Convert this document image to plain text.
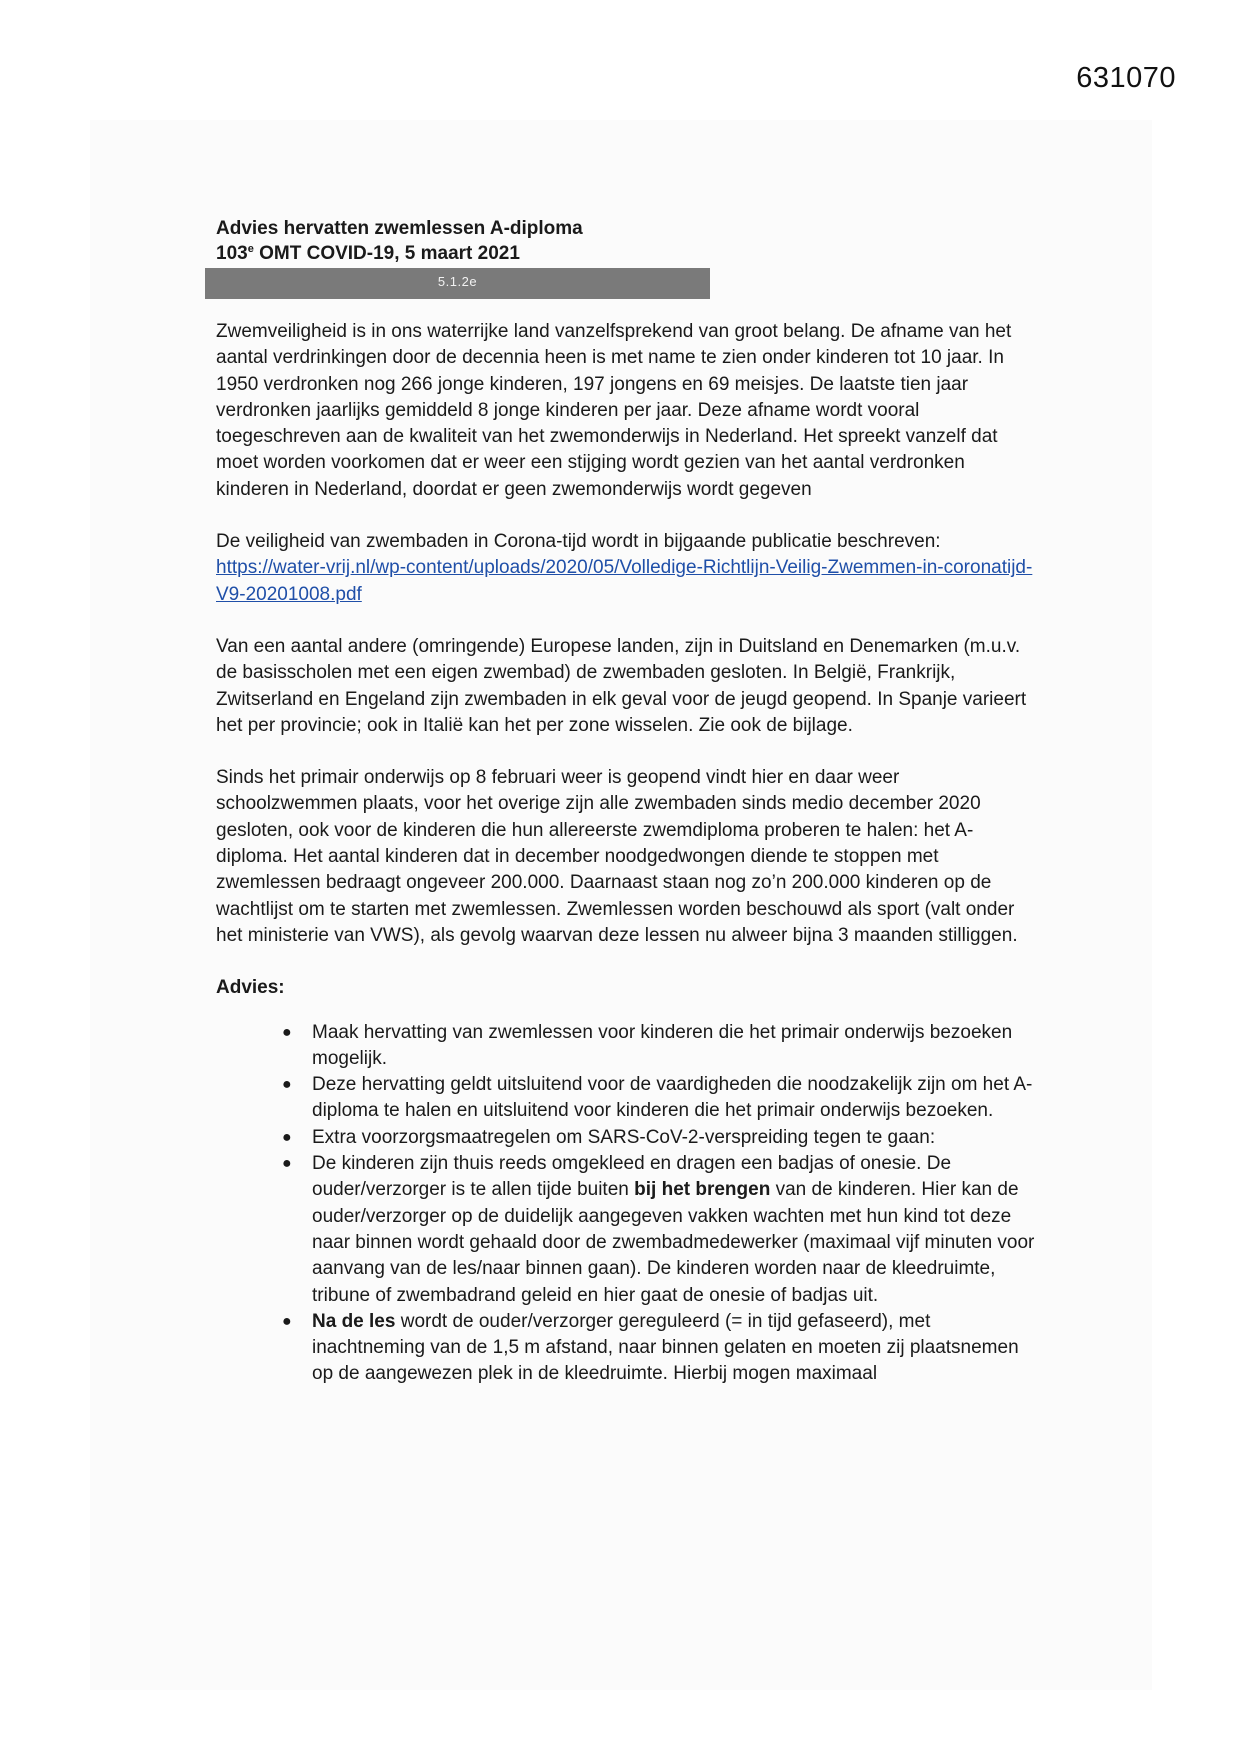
631070

Advies hervatten zwemlessen A-diploma

103e OMT COVID-19, 5 maart 2021

5.1.2e

Zwemveiligheid is in ons waterrijke land vanzelfsprekend van groot belang. De afname van het aantal verdrinkingen door de decennia heen is met name te zien onder kinderen tot 10 jaar. In 1950 verdronken nog 266 jonge kinderen, 197 jongens en 69 meisjes. De laatste tien jaar verdronken jaarlijks gemiddeld 8 jonge kinderen per jaar. Deze afname wordt vooral toegeschreven aan de kwaliteit van het zwemonderwijs in Nederland. Het spreekt vanzelf dat moet worden voorkomen dat er weer een stijging wordt gezien van het aantal verdronken kinderen in Nederland, doordat er geen zwemonderwijs wordt gegeven

De veiligheid van zwembaden in Corona-tijd wordt in bijgaande publicatie beschreven:
https://water-vrij.nl/wp-content/uploads/2020/05/Volledige-Richtlijn-Veilig-Zwemmen-in-coronatijd-V9-20201008.pdf

Van een aantal andere (omringende) Europese landen, zijn in Duitsland en Denemarken (m.u.v. de basisscholen met een eigen zwembad) de zwembaden gesloten. In België, Frankrijk, Zwitserland en Engeland zijn zwembaden in elk geval voor de jeugd geopend. In Spanje varieert het per provincie; ook in Italië kan het per zone wisselen. Zie ook de bijlage.

Sinds het primair onderwijs op 8 februari weer is geopend vindt hier en daar weer schoolzwemmen plaats, voor het overige zijn alle zwembaden sinds medio december 2020 gesloten, ook voor de kinderen die hun allereerste zwemdiploma proberen te halen: het A-diploma. Het aantal kinderen dat in december noodgedwongen diende te stoppen met zwemlessen bedraagt ongeveer 200.000. Daarnaast staan nog zo’n 200.000 kinderen op de wachtlijst om te starten met zwemlessen. Zwemlessen worden beschouwd als sport (valt onder het ministerie van VWS), als gevolg waarvan deze lessen nu alweer bijna 3 maanden stilliggen.

Advies:

● Maak hervatting van zwemlessen voor kinderen die het primair onderwijs bezoeken mogelijk.
● Deze hervatting geldt uitsluitend voor de vaardigheden die noodzakelijk zijn om het A-diploma te halen en uitsluitend voor kinderen die het primair onderwijs bezoeken.
● Extra voorzorgsmaatregelen om SARS-CoV-2-verspreiding tegen te gaan:
● De kinderen zijn thuis reeds omgekleed en dragen een badjas of onesie. De ouder/verzorger is te allen tijde buiten bij het brengen van de kinderen. Hier kan de ouder/verzorger op de duidelijk aangegeven vakken wachten met hun kind tot deze naar binnen wordt gehaald door de zwembadmedewerker (maximaal vijf minuten voor aanvang van de les/naar binnen gaan). De kinderen worden naar de kleedruimte, tribune of zwembadrand geleid en hier gaat de onesie of badjas uit.
● Na de les wordt de ouder/verzorger gereguleerd (= in tijd gefaseerd), met inachtneming van de 1,5 m afstand, naar binnen gelaten en moeten zij plaatsnemen op de aangewezen plek in de kleedruimte. Hierbij mogen maximaal
